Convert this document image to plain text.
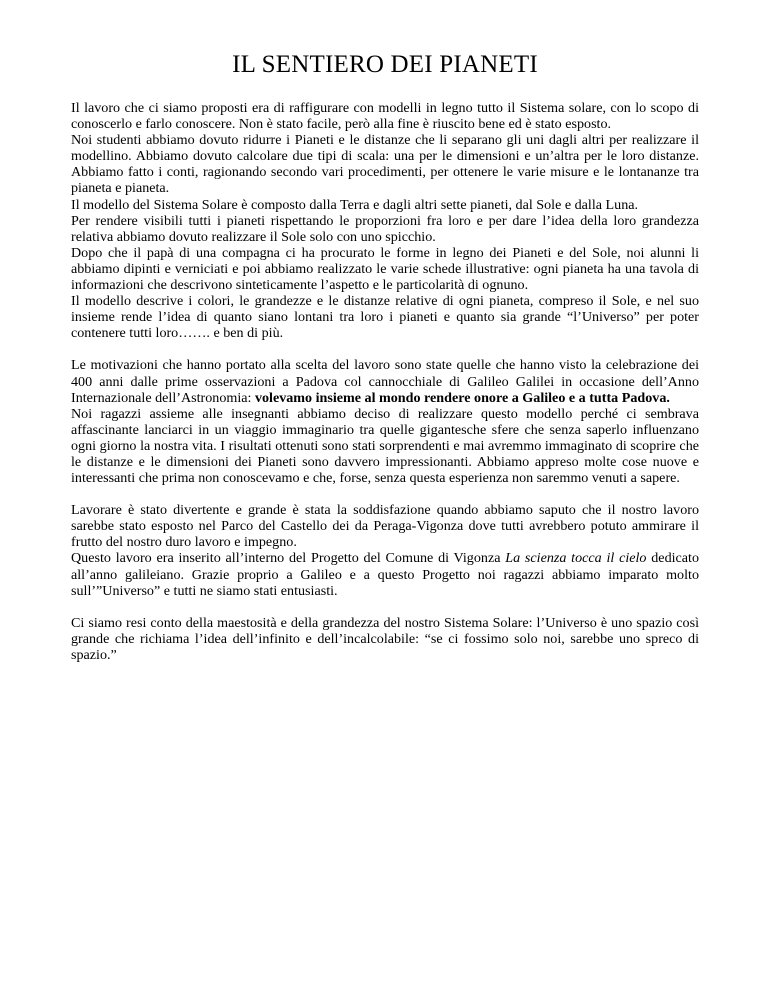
IL SENTIERO DEI PIANETI

Il lavoro che ci siamo proposti era di raffigurare con modelli in legno tutto il Sistema solare, con lo scopo di conoscerlo e farlo conoscere. Non è stato facile, però alla fine è riuscito bene ed è stato esposto.

Noi studenti abbiamo dovuto ridurre i Pianeti e le distanze che li separano gli uni dagli altri per realizzare il modellino. Abbiamo dovuto calcolare due tipi di scala: una per le dimensioni e un’altra per le loro distanze. Abbiamo fatto i conti, ragionando secondo vari procedimenti, per ottenere le varie misure e le lontananze tra pianeta e pianeta.

Il modello del Sistema Solare è composto dalla Terra e dagli altri sette pianeti, dal Sole e dalla Luna.

Per rendere visibili tutti i pianeti rispettando le proporzioni fra loro e per dare l’idea della loro grandezza relativa abbiamo dovuto realizzare il Sole solo con uno spicchio.

Dopo che il papà di una compagna ci ha procurato le forme in legno dei Pianeti e del Sole, noi alunni li abbiamo dipinti e verniciati e poi abbiamo realizzato le varie schede illustrative: ogni pianeta ha una tavola di informazioni che descrivono sinteticamente l’aspetto e le particolarità di ognuno.

Il modello descrive i colori, le grandezze e le distanze relative di ogni pianeta, compreso il Sole, e nel suo insieme rende l’idea di quanto siano lontani tra loro i pianeti e quanto sia grande “l’Universo” per poter contenere tutti loro……. e ben di più.

Le motivazioni che hanno portato alla scelta del lavoro sono state quelle che hanno visto la celebrazione dei 400 anni dalle prime osservazioni a Padova col cannocchiale di Galileo Galilei in occasione dell’Anno Internazionale dell’Astronomia: volevamo insieme al mondo rendere onore a Galileo e a tutta Padova.

Noi ragazzi assieme alle insegnanti abbiamo deciso di realizzare questo modello perché ci sembrava affascinante lanciarci in un viaggio immaginario tra quelle gigantesche sfere che senza saperlo influenzano ogni giorno la nostra vita. I risultati ottenuti sono stati sorprendenti e mai avremmo immaginato di scoprire che le distanze e le dimensioni dei Pianeti sono davvero impressionanti. Abbiamo appreso molte cose nuove e interessanti che prima non conoscevamo e che, forse, senza questa esperienza non saremmo venuti a sapere.

Lavorare è stato divertente e grande è stata la soddisfazione quando abbiamo saputo che il nostro lavoro sarebbe stato esposto nel Parco del Castello dei da Peraga-Vigonza dove tutti avrebbero potuto ammirare il frutto del nostro duro lavoro e impegno.

Questo lavoro era inserito all’interno del Progetto del Comune di Vigonza La scienza tocca il cielo dedicato all’anno galileiano. Grazie proprio a Galileo e a questo Progetto noi ragazzi abbiamo imparato molto sull’”Universo” e tutti ne siamo stati entusiasti.

Ci siamo resi conto della maestosità e della grandezza del nostro Sistema Solare: l’Universo è uno spazio così grande che richiama l’idea dell’infinito e dell’incalcolabile: “se ci fossimo solo noi, sarebbe uno spreco di spazio.”
